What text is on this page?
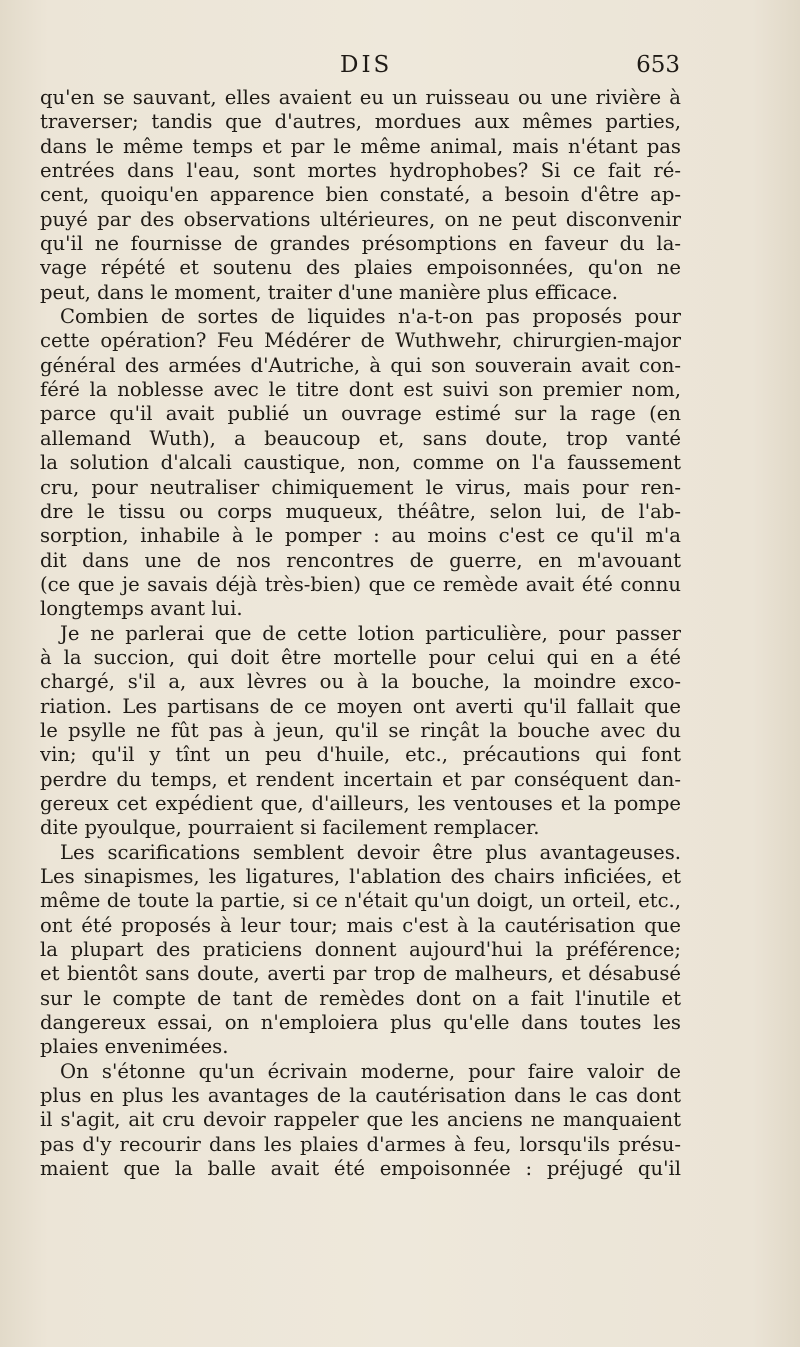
DIS	653
qu'en se sauvant, elles avaient eu un ruisseau ou une rivière à
traverser; tandis que d'autres, mordues aux mêmes parties,
dans le même temps et par le même animal, mais n'étant pas
entrées dans l'eau, sont mortes hydrophobes? Si ce fait ré-
cent, quoiqu'en apparence bien constaté, a besoin d'être ap-
puyé par des observations ultérieures, on ne peut disconvenir
qu'il ne fournisse de grandes présomptions en faveur du la-
vage répété et soutenu des plaies empoisonnées, qu'on ne
peut, dans le moment, traiter d'une manière plus efficace.
Combien de sortes de liquides n'a-t-on pas proposés pour
cette opération? Feu Médérer de Wuthwehr, chirurgien-major
général des armées d'Autriche, à qui son souverain avait con-
féré la noblesse avec le titre dont est suivi son premier nom,
parce qu'il avait publié un ouvrage estimé sur la rage (en
allemand Wuth), a beaucoup et, sans doute, trop vanté
la solution d'alcali caustique, non, comme on l'a faussement
cru, pour neutraliser chimiquement le virus, mais pour ren-
dre le tissu ou corps muqueux, théâtre, selon lui, de l'ab-
sorption, inhabile à le pomper : au moins c'est ce qu'il m'a
dit dans une de nos rencontres de guerre, en m'avouant
(ce que je savais déjà très-bien) que ce remède avait été connu
longtemps avant lui.
Je ne parlerai que de cette lotion particulière, pour passer
à la succion, qui doit être mortelle pour celui qui en a été
chargé, s'il a, aux lèvres ou à la bouche, la moindre exco-
riation. Les partisans de ce moyen ont averti qu'il fallait que
le psylle ne fût pas à jeun, qu'il se rinçât la bouche avec du
vin; qu'il y tînt un peu d'huile, etc., précautions qui font
perdre du temps, et rendent incertain et par conséquent dan-
gereux cet expédient que, d'ailleurs, les ventouses et la pompe
dite pyoulque, pourraient si facilement remplacer.
Les scarifications semblent devoir être plus avantageuses.
Les sinapismes, les ligatures, l'ablation des chairs inficiées, et
même de toute la partie, si ce n'était qu'un doigt, un orteil, etc.,
ont été proposés à leur tour; mais c'est à la cautérisation que
la plupart des praticiens donnent aujourd'hui la préférence;
et bientôt sans doute, averti par trop de malheurs, et désabusé
sur le compte de tant de remèdes dont on a fait l'inutile et
dangereux essai, on n'emploiera plus qu'elle dans toutes les
plaies envenimées.
On s'étonne qu'un écrivain moderne, pour faire valoir de
plus en plus les avantages de la cautérisation dans le cas dont
il s'agit, ait cru devoir rappeler que les anciens ne manquaient
pas d'y recourir dans les plaies d'armes à feu, lorsqu'ils présu-
maient que la balle avait été empoisonnée : préjugé qu'il
